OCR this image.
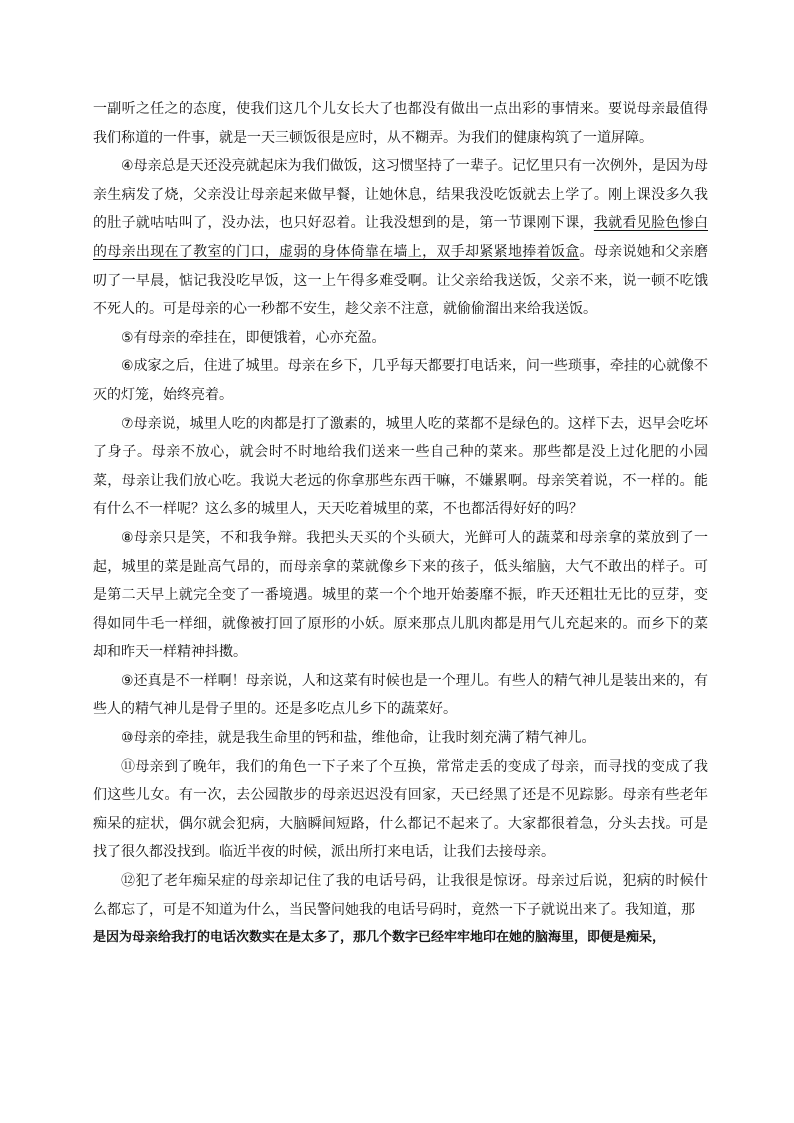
一副听之任之的态度，使我们这几个儿女长大了也都没有做出一点出彩的事情来。要说母亲最值得我们称道的一件事，就是一天三顿饭很是应时，从不糊弄。为我们的健康构筑了一道屏障。

④母亲总是天还没亮就起床为我们做饭，这习惯坚持了一辈子。记忆里只有一次例外，是因为母亲生病发了烧，父亲没让母亲起来做早餐，让她休息，结果我没吃饭就去上学了。刚上课没多久我的肚子就咕咕叫了，没办法，也只好忍着。让我没想到的是，第一节课刚下课，我就看见脸色惨白的母亲出现在了教室的门口，虚弱的身体倚靠在墙上，双手却紧紧地捧着饭盒。母亲说她和父亲磨叨了一早晨，惦记我没吃早饭，这一上午得多难受啊。让父亲给我送饭，父亲不来，说一顿不吃饿不死人的。可是母亲的心一秒都不安生，趁父亲不注意，就偷偷溜出来给我送饭。

⑤有母亲的牵挂在，即便饿着，心亦充盈。

⑥成家之后，住进了城里。母亲在乡下，几乎每天都要打电话来，问一些琐事，牵挂的心就像不灭的灯笼，始终亮着。

⑦母亲说，城里人吃的肉都是打了激素的，城里人吃的菜都不是绿色的。这样下去，迟早会吃坏了身子。母亲不放心，就会时不时地给我们送来一些自己种的菜来。那些都是没上过化肥的小园菜，母亲让我们放心吃。我说大老远的你拿那些东西干嘛，不嫌累啊。母亲笑着说，不一样的。能有什么不一样呢？这么多的城里人，天天吃着城里的菜，不也都活得好好的吗？

⑧母亲只是笑，不和我争辩。我把头天买的个头硕大，光鲜可人的蔬菜和母亲拿的菜放到了一起，城里的菜是趾高气昂的，而母亲拿的菜就像乡下来的孩子，低头缩脑，大气不敢出的样子。可是第二天早上就完全变了一番境遇。城里的菜一个个地开始萎靡不振，昨天还粗壮无比的豆芽，变得如同牛毛一样细，就像被打回了原形的小妖。原来那点儿肌肉都是用气儿充起来的。而乡下的菜却和昨天一样精神抖擞。

⑨还真是不一样啊！母亲说，人和这菜有时候也是一个理儿。有些人的精气神儿是装出来的，有些人的精气神儿是骨子里的。还是多吃点儿乡下的蔬菜好。

⑩母亲的牵挂，就是我生命里的钙和盐，维他命，让我时刻充满了精气神儿。

⑪母亲到了晚年，我们的角色一下子来了个互换，常常走丢的变成了母亲，而寻找的变成了我们这些儿女。有一次，去公园散步的母亲迟迟没有回家，天已经黑了还是不见踪影。母亲有些老年痴呆的症状，偶尔就会犯病，大脑瞬间短路，什么都记不起来了。大家都很着急，分头去找。可是找了很久都没找到。临近半夜的时候，派出所打来电话，让我们去接母亲。

⑫犯了老年痴呆症的母亲却记住了我的电话号码，让我很是惊讶。母亲过后说，犯病的时候什么都忘了，可是不知道为什么，当民警问她我的电话号码时，竟然一下子就说出来了。我知道，那

是因为母亲给我打的电话次数实在是太多了，那几个数字已经牢牢地印在她的脑海里，即便是痴呆，
